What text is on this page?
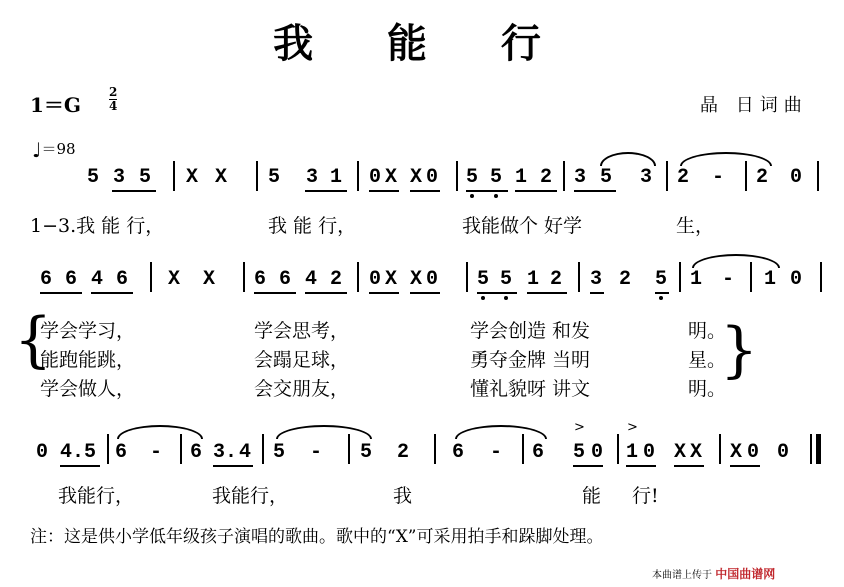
我 能 行
$1=G \frac{2}{4}$	晶 日词曲
♩＝98
5 3 5 X X 5 3 1 0 X X 0 5 5 1 2 3 5 3 2 - 2 0
1−3.我 能 行，	我 能 行，	我能做个 好学	生，
6 6 4 6 X X 6 6 4 2 0 X X 0 5 5 1 2 3 2 5 1 - 1 0
{	}
学会学习，	学会思考，	学会创造 和发	明。
能跑能跳，	会蹋足球，	勇夺金牌 当明	星。
学会做人，	会交朋友，	懂礼貌呀 讲文	明。
0 4. 5 6 - 6 3. 4 5 - 5 2 6 - 6 5 0 1 0 X X X 0 0
>	>
我能行，	我能行，	我	能 行!
注：这是供小学低年级孩子演唱的歌曲。歌中的“X”可采用拍手和跺脚处理。
本曲谱上传于 中国曲谱网
